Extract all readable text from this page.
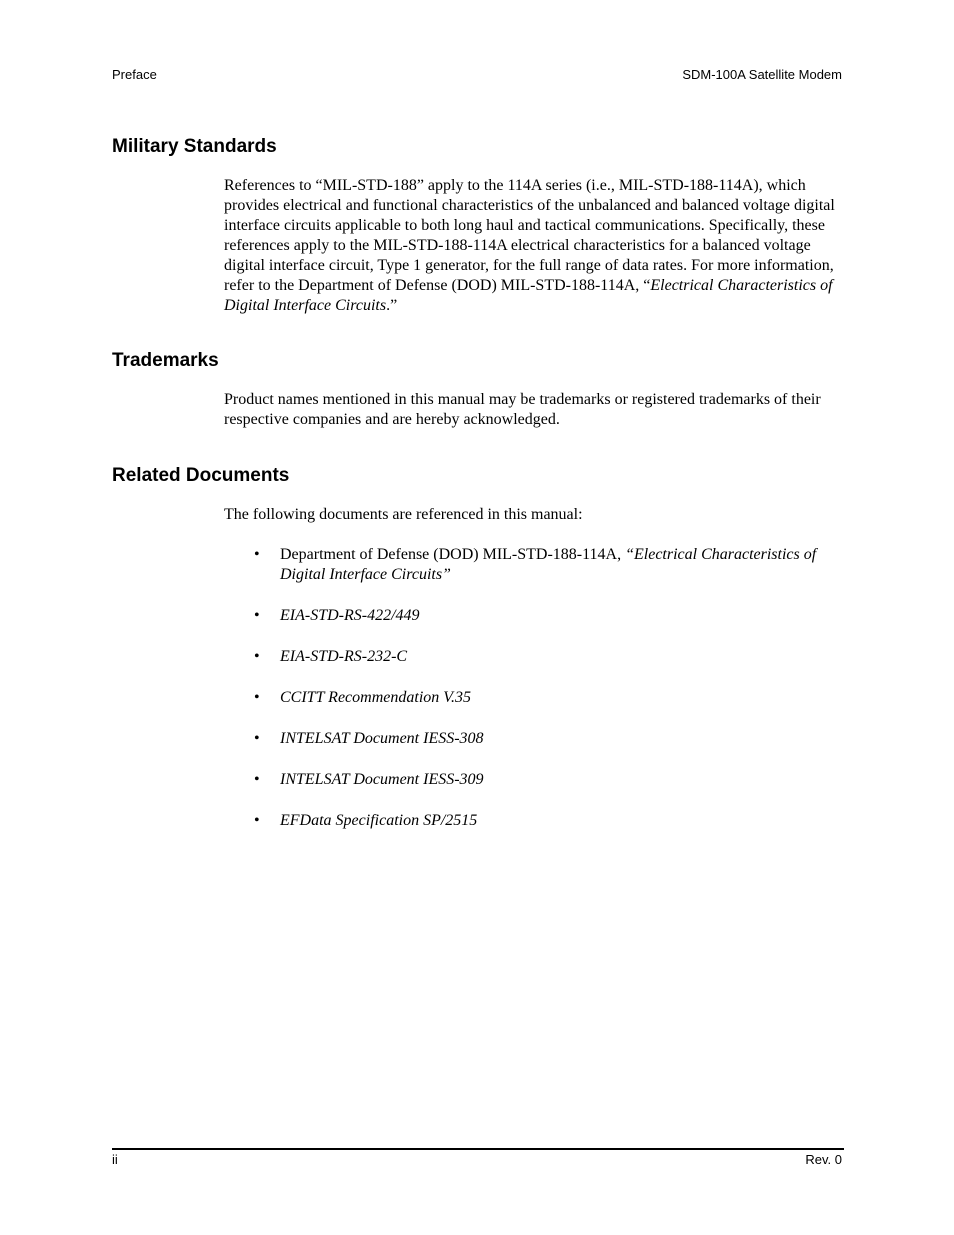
Preface	SDM-100A Satellite Modem
Military Standards

References to “MIL-STD-188” apply to the 114A series (i.e., MIL-STD-188-114A), which provides electrical and functional characteristics of the unbalanced and balanced voltage digital interface circuits applicable to both long haul and tactical communications. Specifically, these references apply to the MIL-STD-188-114A electrical characteristics for a balanced voltage digital interface circuit, Type 1 generator, for the full range of data rates. For more information, refer to the Department of Defense (DOD) MIL-STD-188-114A, “Electrical Characteristics of Digital Interface Circuits.”

Trademarks

Product names mentioned in this manual may be trademarks or registered trademarks of their respective companies and are hereby acknowledged.

Related Documents

The following documents are referenced in this manual:

• Department of Defense (DOD) MIL-STD-188-114A, “Electrical Characteristics of Digital Interface Circuits”
• EIA-STD-RS-422/449
• EIA-STD-RS-232-C
• CCITT Recommendation V.35
• INTELSAT Document IESS-308
• INTELSAT Document IESS-309
• EFData Specification SP/2515
ii	Rev. 0
